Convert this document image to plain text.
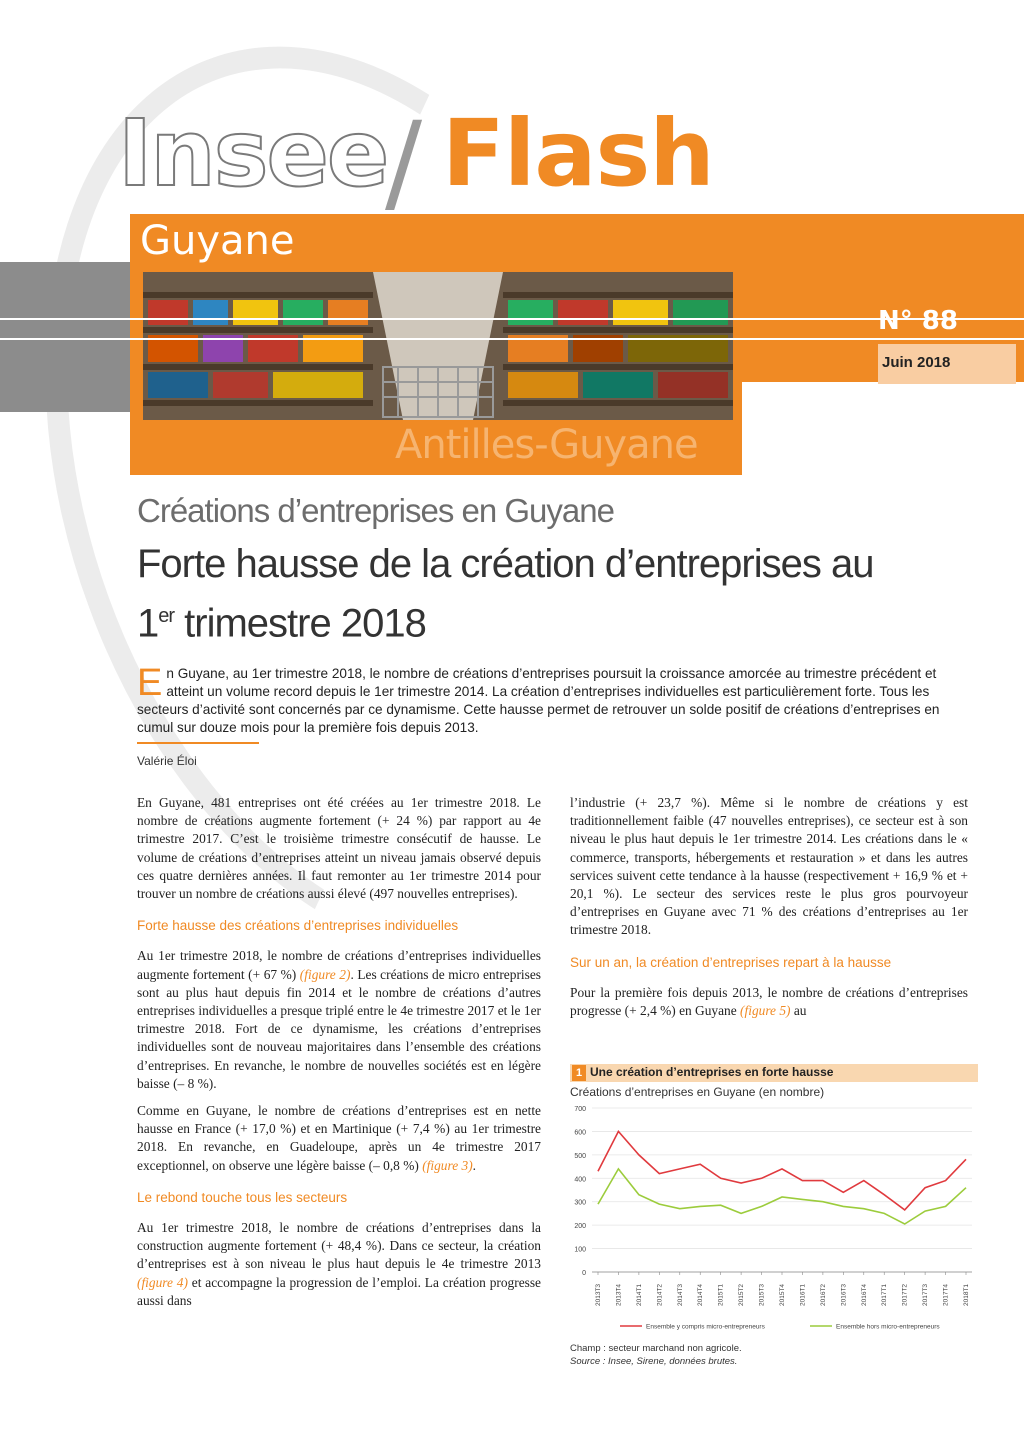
Insee
/ Flash
Guyane
N° 88
Juin 2018
Antilles-Guyane
Créations d’entreprises en Guyane
Forte hausse de la création d’entreprises au
1er trimestre 2018
En Guyane, au 1er trimestre 2018, le nombre de créations d’entreprises poursuit la croissance amorcée au trimestre précédent et atteint un volume record depuis le 1er trimestre 2014. La création d’entreprises individuelles est particulièrement forte. Tous les secteurs d’activité sont concernés par ce dynamisme. Cette hausse permet de retrouver un solde positif de créations d’entreprises en cumul sur douze mois pour la première fois depuis 2013.
Valérie Éloi

En Guyane, 481 entreprises ont été créées au 1er trimestre 2018. Le nombre de créations augmente fortement (+ 24 %) par rapport au 4e trimestre 2017. C’est le troisième trimestre consécutif de hausse. Le volume de créations d’entreprises atteint un niveau jamais observé depuis ces quatre dernières années. Il faut remonter au 1er trimestre 2014 pour trouver un nombre de créations aussi élevé (497 nouvelles entreprises).

Forte hausse des créations d’entreprises individuelles

Au 1er trimestre 2018, le nombre de créations d’entreprises individuelles augmente fortement (+ 67 %) (figure 2). Les créations de micro entreprises sont au plus haut depuis fin 2014 et le nombre de créations d’autres entreprises individuelles a presque triplé entre le 4e trimestre 2017 et le 1er trimestre 2018. Fort de ce dynamisme, les créations d’entreprises individuelles sont de nouveau majoritaires dans l’ensemble des créations d’entreprises. En revanche, le nombre de nouvelles sociétés est en légère baisse (– 8 %).

Comme en Guyane, le nombre de créations d’entreprises est en nette hausse en France (+ 17,0 %) et en Martinique (+ 7,4 %) au 1er trimestre 2018. En revanche, en Guadeloupe, après un 4e trimestre 2017 exceptionnel, on observe une légère baisse (– 0,8 %) (figure 3).

Le rebond touche tous les secteurs

Au 1er trimestre 2018, le nombre de créations d’entreprises dans la construction augmente fortement (+ 48,4 %). Dans ce secteur, la création d’entreprises est à son niveau le plus haut depuis le 4e trimestre 2013 (figure 4) et accompagne la progression de l’emploi. La création progresse aussi dans

l’industrie (+ 23,7 %). Même si le nombre de créations y est traditionnellement faible (47 nouvelles entreprises), ce secteur est à son niveau le plus haut depuis le 1er trimestre 2014. Les créations dans le « commerce, transports, hébergements et restauration » et dans les autres services suivent cette tendance à la hausse (respectivement + 16,9 % et + 20,1 %). Le secteur des services reste le plus gros pourvoyeur d’entreprises en Guyane avec 71 % des créations d’entreprises au 1er trimestre 2018.

Sur un an, la création d’entreprises repart à la hausse

Pour la première fois depuis 2013, le nombre de créations d’entreprises progresse (+ 2,4 %) en Guyane (figure 5) au

1 Une création d’entreprises en forte hausse
Créations d’entreprises en Guyane (en nombre)
0
100
200
300
400
500
600
700
2013T3 2013T4 2014T1 2014T2 2014T3 2014T4 2015T1 2015T2 2015T3 2015T4 2016T1 2016T2 2016T3 2016T4 2017T1 2017T2 2017T3 2017T4 2018T1
Ensemble y compris micro-entrepreneurs	Ensemble hors micro-entrepreneurs
Champ : secteur marchand non agricole.
Source : Insee, Sirene, données brutes.
